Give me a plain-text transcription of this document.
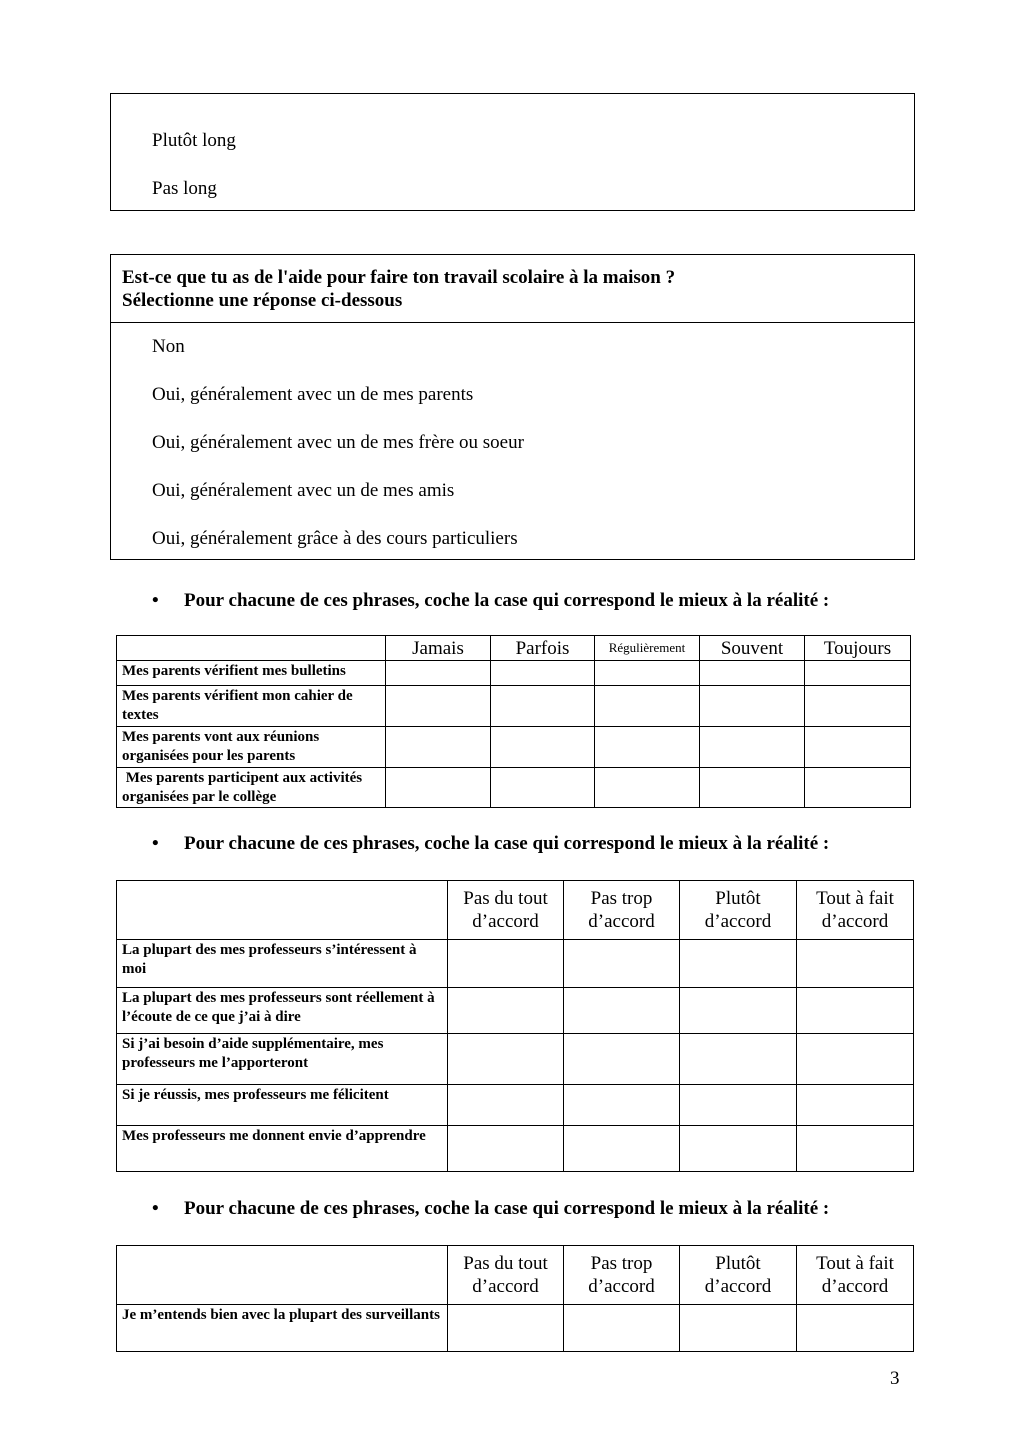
Plutôt long
Pas long
Est-ce que tu as de l'aide pour faire ton travail scolaire à la maison ?
Sélectionne une réponse ci-dessous
Non
Oui, généralement avec un de mes parents
Oui, généralement avec un de mes frère ou soeur
Oui, généralement avec un de mes amis
Oui, généralement grâce à des cours particuliers
• Pour chacune de ces phrases, coche la case qui correspond le mieux à la réalité :
	Jamais	Parfois	Régulièrement	Souvent	Toujours
Mes parents vérifient mes bulletins					
Mes parents vérifient mon cahier de textes					
Mes parents vont aux réunions organisées pour les parents					
Mes parents participent aux activités organisées par le collège					
• Pour chacune de ces phrases, coche la case qui correspond le mieux à la réalité :
	Pas du tout d’accord	Pas trop d’accord	Plutôt d’accord	Tout à fait d’accord
La plupart des mes professeurs s’intéressent à moi				
La plupart des mes professeurs sont réellement à l’écoute de ce que j’ai à dire				
Si j’ai besoin d’aide supplémentaire, mes professeurs me l’apporteront				
Si je réussis, mes professeurs me félicitent				
Mes professeurs me donnent envie d’apprendre				
• Pour chacune de ces phrases, coche la case qui correspond le mieux à la réalité :
	Pas du tout d’accord	Pas trop d’accord	Plutôt d’accord	Tout à fait d’accord
Je m’entends bien avec la plupart des surveillants				
3
